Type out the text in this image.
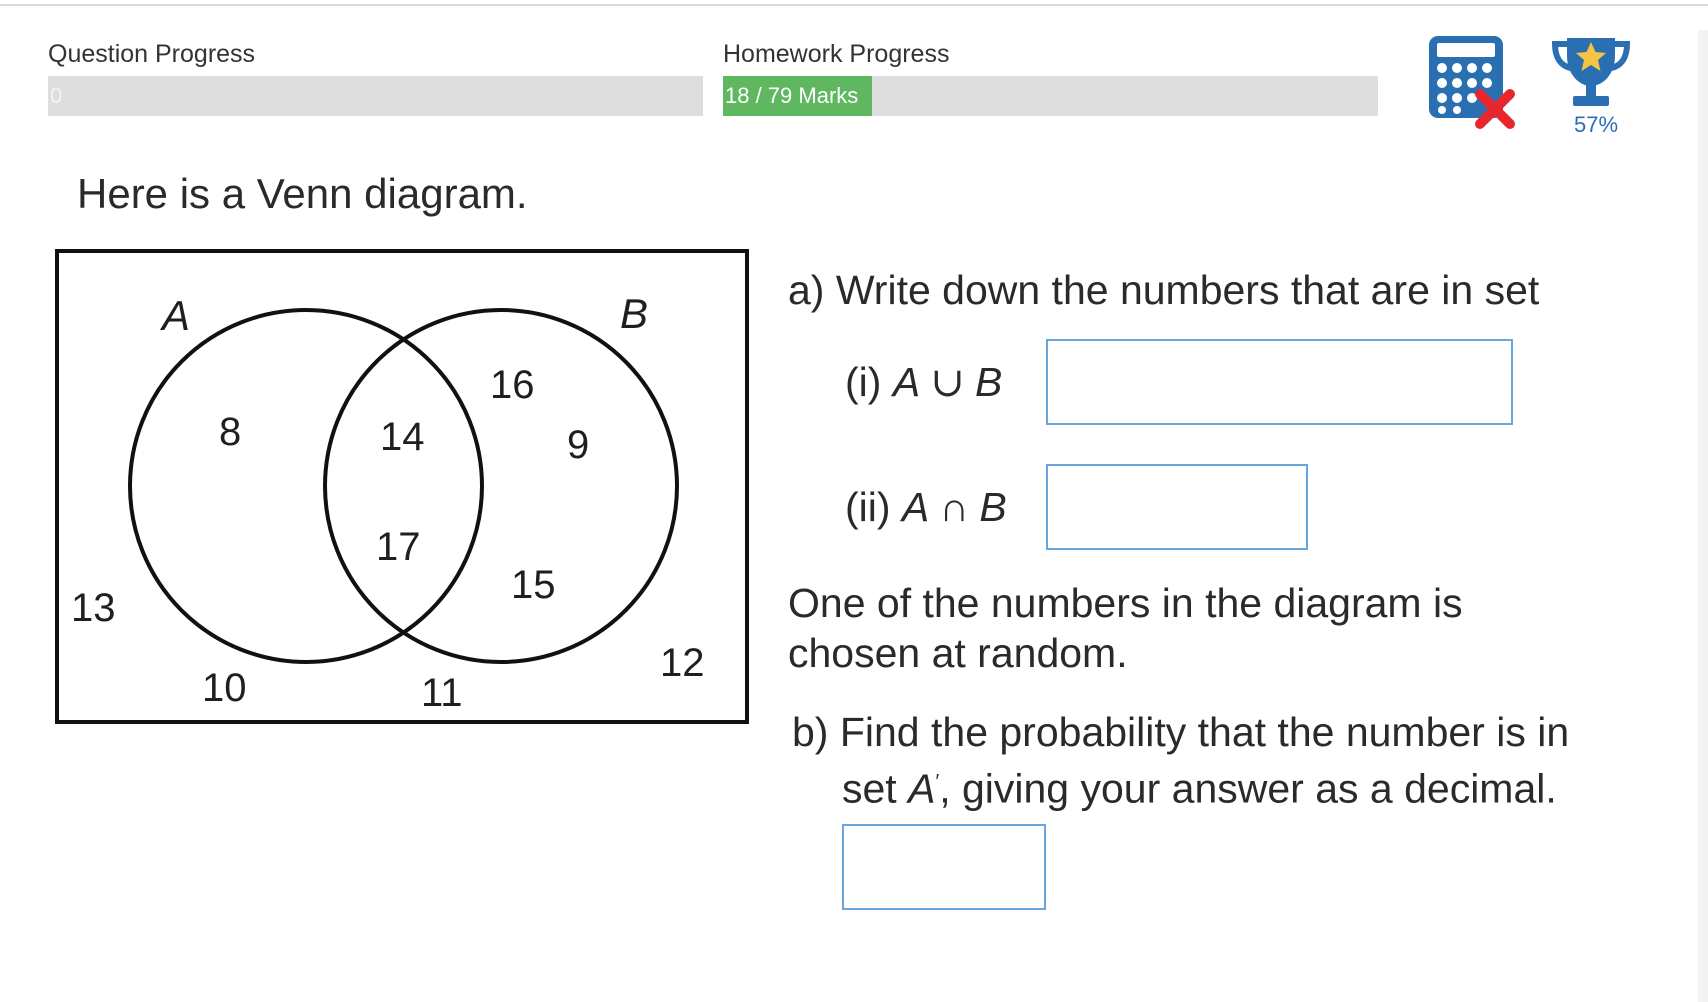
Question Progress
0
Homework Progress
18 / 79 Marks
57%
Here is a Venn diagram.
A	B
8	14
17
16
9
15
13
10	11
12
a) Write down the numbers that are in set
(i) A ∪ B
(ii) A ∩ B
One of the numbers in the diagram is
chosen at random.
b) Find the probability that the number is in
set A′, giving your answer as a decimal.
